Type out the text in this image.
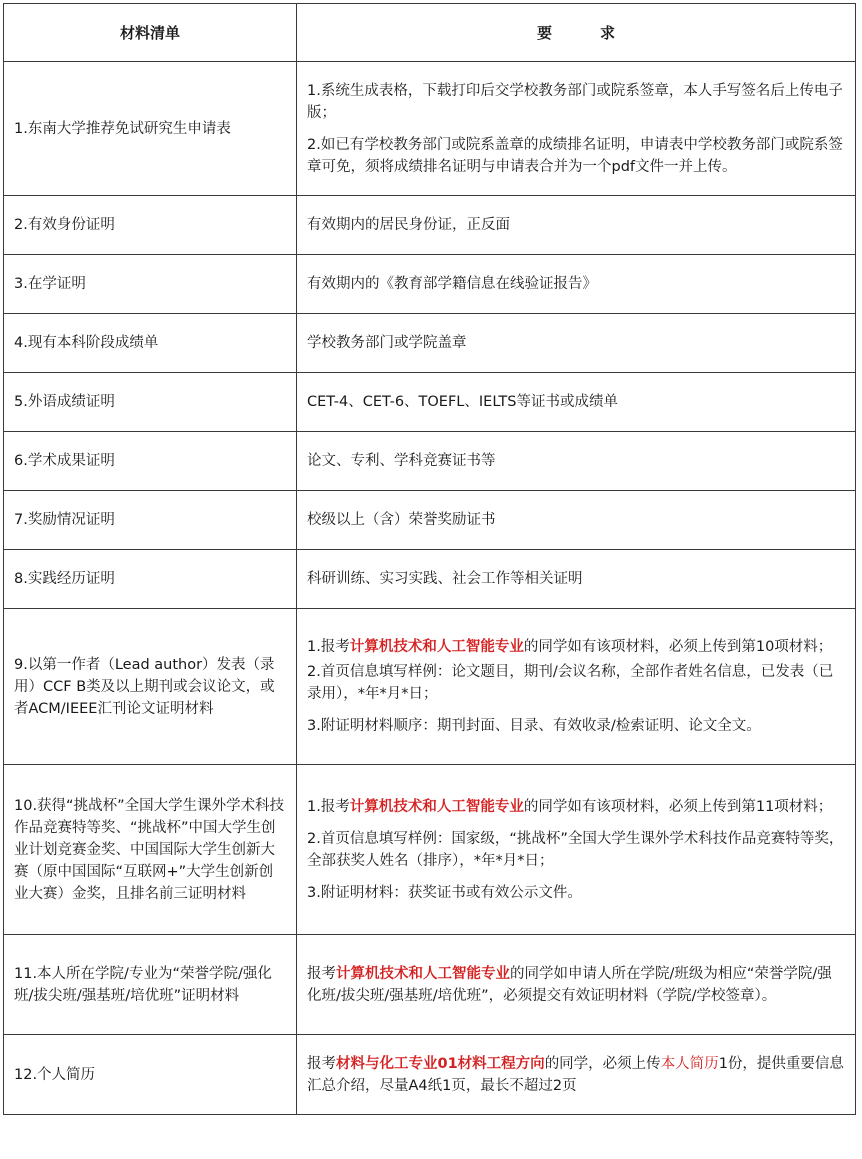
材料清单	要 求
1.东南大学推荐免试研究生申请表	1.系统生成表格，下载打印后交学校教务部门或院系签章，本人手写签名后上传电子版；

2.如已有学校教务部门或院系盖章的成绩排名证明，申请表中学校教务部门或院系签章可免，须将成绩排名证明与申请表合并为一个pdf文件一并上传。

2.有效身份证明	有效期内的居民身份证，正反面
3.在学证明	有效期内的《教育部学籍信息在线验证报告》
4.现有本科阶段成绩单	学校教务部门或学院盖章
5.外语成绩证明	CET-4、CET-6、TOEFL、IELTS等证书或成绩单
6.学术成果证明	论文、专利、学科竞赛证书等
7.奖励情况证明	校级以上（含）荣誉奖励证书
8.实践经历证明	科研训练、实习实践、社会工作等相关证明
9.以第一作者（Lead author）发表（录用）CCF B类及以上期刊或会议论文，或者ACM/IEEE汇刊论文证明材料	1.报考计算机技术和人工智能专业的同学如有该项材料，必须上传到第10项材料；

2.首页信息填写样例：论文题目，期刊/会议名称，全部作者姓名信息，已发表（已录用），*年*月*日；

3.附证明材料顺序：期刊封面、目录、有效收录/检索证明、论文全文。

10.获得“挑战杯”全国大学生课外学术科技作品竞赛特等奖、“挑战杯”中国大学生创业计划竞赛金奖、中国国际大学生创新大赛（原中国国际“互联网+”大学生创新创业大赛）金奖，且排名前三证明材料	1.报考计算机技术和人工智能专业的同学如有该项材料，必须上传到第11项材料；

2.首页信息填写样例：国家级，“挑战杯”全国大学生课外学术科技作品竞赛特等奖，全部获奖人姓名（排序），*年*月*日；

3.附证明材料：获奖证书或有效公示文件。

11.本人所在学院/专业为“荣誉学院/强化班/拔尖班/强基班/培优班”证明材料	报考计算机技术和人工智能专业的同学如申请人所在学院/班级为相应“荣誉学院/强化班/拔尖班/强基班/培优班”，必须提交有效证明材料（学院/学校签章）。

12.个人简历	报考材料与化工专业01材料工程方向的同学，必须上传本人简历1份，提供重要信息汇总介绍，尽量A4纸1页，最长不超过2页
